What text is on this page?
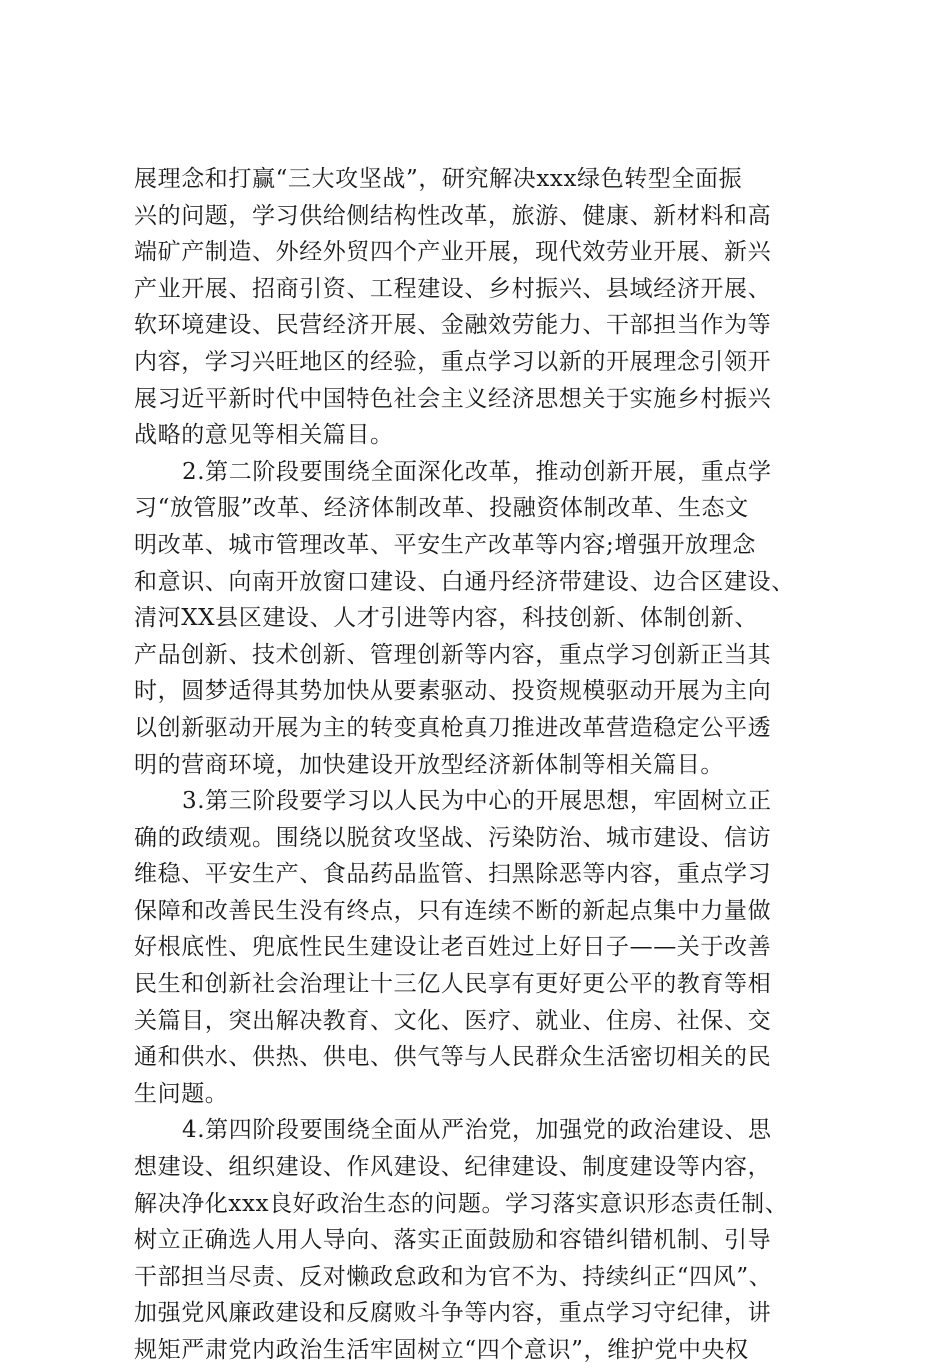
展理念和打赢“三大攻坚战”，研究解决xxx绿色转型全面振
兴的问题，学习供给侧结构性改革，旅游、健康、新材料和高
端矿产制造、外经外贸四个产业开展，现代效劳业开展、新兴
产业开展、招商引资、工程建设、乡村振兴、县域经济开展、
软环境建设、民营经济开展、金融效劳能力、干部担当作为等
内容，学习兴旺地区的经验，重点学习以新的开展理念引领开
展习近平新时代中国特色社会主义经济思想关于实施乡村振兴
战略的意见等相关篇目。
2.第二阶段要围绕全面深化改革，推动创新开展，重点学
习“放管服”改革、经济体制改革、投融资体制改革、生态文
明改革、城市管理改革、平安生产改革等内容;增强开放理念
和意识、向南开放窗口建设、白通丹经济带建设、边合区建设、
清河XX县区建设、人才引进等内容，科技创新、体制创新、
产品创新、技术创新、管理创新等内容，重点学习创新正当其
时，圆梦适得其势加快从要素驱动、投资规模驱动开展为主向
以创新驱动开展为主的转变真枪真刀推进改革营造稳定公平透
明的营商环境，加快建设开放型经济新体制等相关篇目。
3.第三阶段要学习以人民为中心的开展思想，牢固树立正
确的政绩观。围绕以脱贫攻坚战、污染防治、城市建设、信访
维稳、平安生产、食品药品监管、扫黑除恶等内容，重点学习
保障和改善民生没有终点，只有连续不断的新起点集中力量做
好根底性、兜底性民生建设让老百姓过上好日子——关于改善
民生和创新社会治理让十三亿人民享有更好更公平的教育等相
关篇目，突出解决教育、文化、医疗、就业、住房、社保、交
通和供水、供热、供电、供气等与人民群众生活密切相关的民
生问题。
4.第四阶段要围绕全面从严治党，加强党的政治建设、思
想建设、组织建设、作风建设、纪律建设、制度建设等内容，
解决净化xxx良好政治生态的问题。学习落实意识形态责任制、
树立正确选人用人导向、落实正面鼓励和容错纠错机制、引导
干部担当尽责、反对懒政怠政和为官不为、持续纠正“四风”、
加强党风廉政建设和反腐败斗争等内容，重点学习守纪律，讲
规矩严肃党内政治生活牢固树立“四个意识”，维护党中央权
